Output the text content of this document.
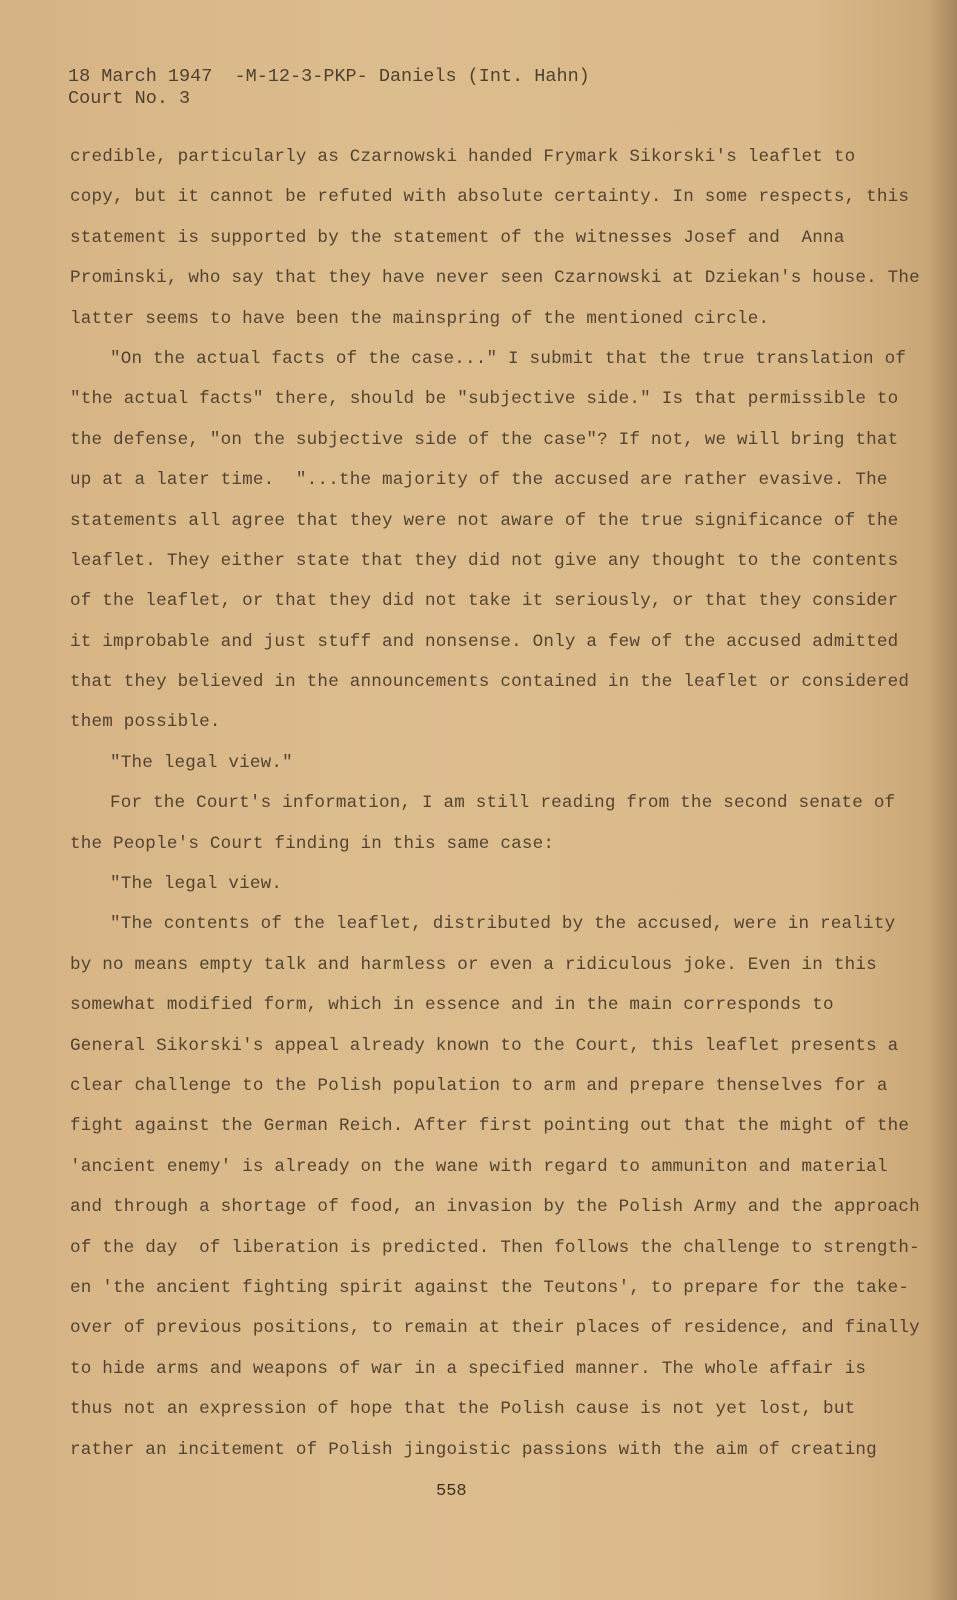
18 March 1947  -M-12-3-PKP- Daniels (Int. Hahn)
Court No. 3
credible, particularly as Czarnowski handed Frymark Sikorski's leaflet to
copy, but it cannot be refuted with absolute certainty. In some respects, this
statement is supported by the statement of the witnesses Josef and  Anna
Prominski, who say that they have never seen Czarnowski at Dziekan's house. The
latter seems to have been the mainspring of the mentioned circle.
"On the actual facts of the case..." I submit that the true translation of
"the actual facts" there, should be "subjective side." Is that permissible to
the defense, "on the subjective side of the case"? If not, we will bring that
up at a later time.  "...the majority of the accused are rather evasive. The
statements all agree that they were not aware of the true significance of the
leaflet. They either state that they did not give any thought to the contents
of the leaflet, or that they did not take it seriously, or that they consider
it improbable and just stuff and nonsense. Only a few of the accused admitted
that they believed in the announcements contained in the leaflet or considered
them possible.
"The legal view."
For the Court's information, I am still reading from the second senate of
the People's Court finding in this same case:
"The legal view.
"The contents of the leaflet, distributed by the accused, were in reality
by no means empty talk and harmless or even a ridiculous joke. Even in this
somewhat modified form, which in essence and in the main corresponds to
General Sikorski's appeal already known to the Court, this leaflet presents a
clear challenge to the Polish population to arm and prepare thenselves for a
fight against the German Reich. After first pointing out that the might of the
'ancient enemy' is already on the wane with regard to ammuniton and material
and through a shortage of food, an invasion by the Polish Army and the approach
of the day  of liberation is predicted. Then follows the challenge to strength-
en 'the ancient fighting spirit against the Teutons', to prepare for the take-
over of previous positions, to remain at their places of residence, and finally
to hide arms and weapons of war in a specified manner. The whole affair is
thus not an expression of hope that the Polish cause is not yet lost, but
rather an incitement of Polish jingoistic passions with the aim of creating
558
